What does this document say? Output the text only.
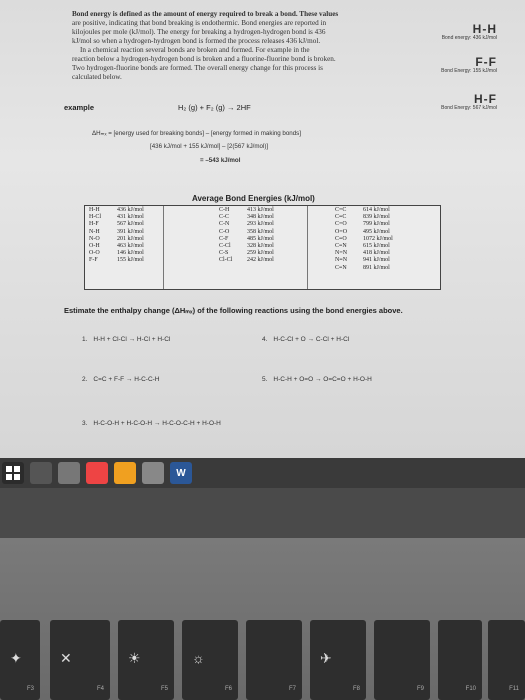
Bond energy is defined as the amount of energy required to break a bond. These values

are positive, indicating that bond breaking is endothermic. Bond energies are reported in

kilojoules per mole (kJ/mol). The energy for breaking a hydrogen-hydrogen bond is 436

kJ/mol so when a hydrogen-hydrogen bond is formed the process releases 436 kJ/mol.

In a chemical reaction several bonds are broken and formed. For example in the

reaction below a hydrogen-hydrogen bond is broken and a fluorine-fluorine bond is broken.

Two hydrogen-fluorine bonds are formed. The overall energy change for this process is

calculated below.

H-H
Bond energy: 436 kJ/mol
F-F
Bond Energy: 155 kJ/mol
H-F
Bond Energy: 567 kJ/mol
example	H₂ (g) + F₂ (g) → 2HF
ΔHₘₓ = [energy used for breaking bonds] – [energy formed in making bonds]
[436 kJ/mol + 155 kJ/mol] – [2(567 kJ/mol)]
= –543 kJ/mol
Average Bond Energies (kJ/mol)
H-H	436 kJ/mol
H-Cl	431 kJ/mol
H-F	567 kJ/mol
N-H	391 kJ/mol
N-O	201 kJ/mol
O-H	463 kJ/mol
O-O	146 kJ/mol
F-F	155 kJ/mol
C-H	413 kJ/mol
C-C	348 kJ/mol
C-N	293 kJ/mol
C-O	358 kJ/mol
C-F	485 kJ/mol
C-Cl	328 kJ/mol
C-S	259 kJ/mol
Cl-Cl	242 kJ/mol
C=C	614 kJ/mol
C≡C	839 kJ/mol
C=O	799 kJ/mol
O=O	495 kJ/mol
C≡O	1072 kJ/mol
C≡N	615 kJ/mol
N=N	418 kJ/mol
N≡N	941 kJ/mol
C≡N	891 kJ/mol
Estimate the enthalpy change (ΔHₘₓ) of the following reactions using the bond energies above.
1. H-H + Cl-Cl → H-Cl + H-Cl	4. H-C-Cl + O → C-Cl + H-Cl
2. C=C + F-F → H-C-C-H	5. H-C-H + O=O → O=C=O + H-O-H
3. H-C-O-H + H-C-O-H → H-C-O-C-H + H-O-H
W
✦
F3
✕
F4
☀
F5
☼
F6	F7
✈
F8	F9	F10	F11
